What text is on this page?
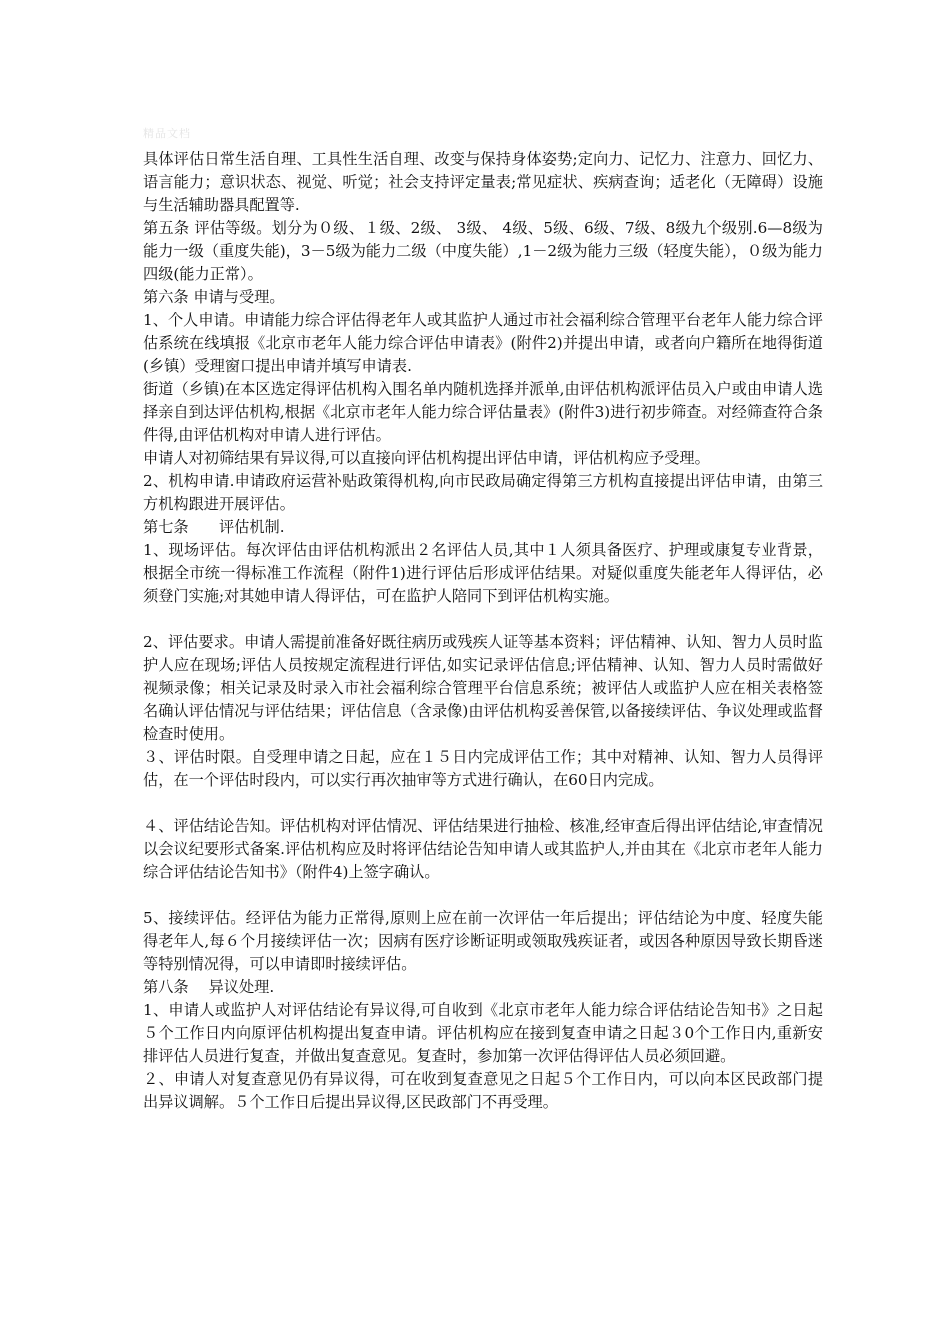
精品文档

具体评估日常生活自理、工具性生活自理、改变与保持身体姿势;定向力、记忆力、注意力、回忆力、语言能力；意识状态、视觉、听觉；社会支持评定量表;常见症状、疾病查询；适老化（无障碍）设施与生活辅助器具配置等.

第五条 评估等级。划分为０级、１级、2级、 3级、 4级、5级、6级、7级、8级九个级别.6—8级为能力一级（重度失能)，3－5级为能力二级（中度失能）,1－2级为能力三级（轻度失能），０级为能力四级(能力正常）。

第六条 申请与受理。

1、个人申请。申请能力综合评估得老年人或其监护人通过市社会福利综合管理平台老年人能力综合评估系统在线填报《北京市老年人能力综合评估申请表》(附件2)并提出申请，或者向户籍所在地得街道(乡镇）受理窗口提出申请并填写申请表.

街道（乡镇)在本区选定得评估机构入围名单内随机选择并派单,由评估机构派评估员入户或由申请人选择亲自到达评估机构,根据《北京市老年人能力综合评估量表》(附件3)进行初步筛查。对经筛查符合条件得,由评估机构对申请人进行评估。

申请人对初筛结果有异议得,可以直接向评估机构提出评估申请，评估机构应予受理。

2、机构申请.申请政府运营补贴政策得机构,向市民政局确定得第三方机构直接提出评估申请，由第三方机构跟进开展评估。

第七条　　评估机制.

1、现场评估。每次评估由评估机构派出２名评估人员,其中１人须具备医疗、护理或康复专业背景，根据全市统一得标准工作流程（附件1)进行评估后形成评估结果。对疑似重度失能老年人得评估，必须登门实施;对其她申请人得评估，可在监护人陪同下到评估机构实施。

2、评估要求。申请人需提前准备好既往病历或残疾人证等基本资料；评估精神、认知、智力人员时监护人应在现场;评估人员按规定流程进行评估,如实记录评估信息;评估精神、认知、智力人员时需做好视频录像；相关记录及时录入市社会福利综合管理平台信息系统；被评估人或监护人应在相关表格签名确认评估情况与评估结果；评估信息（含录像)由评估机构妥善保管,以备接续评估、争议处理或监督检查时使用。

３、评估时限。自受理申请之日起，应在１５日内完成评估工作；其中对精神、认知、智力人员得评估，在一个评估时段内，可以实行再次抽审等方式进行确认，在60日内完成。

４、评估结论告知。评估机构对评估情况、评估结果进行抽检、核准,经审查后得出评估结论,审查情况以会议纪要形式备案.评估机构应及时将评估结论告知申请人或其监护人,并由其在《北京市老年人能力综合评估结论告知书》（附件4)上签字确认。

5、接续评估。经评估为能力正常得,原则上应在前一次评估一年后提出；评估结论为中度、轻度失能得老年人,每６个月接续评估一次；因病有医疗诊断证明或领取残疾证者，或因各种原因导致长期昏迷等特别情况得，可以申请即时接续评估。

第八条　 异议处理.

1、申请人或监护人对评估结论有异议得,可自收到《北京市老年人能力综合评估结论告知书》之日起５个工作日内向原评估机构提出复查申请。评估机构应在接到复查申请之日起３0个工作日内,重新安排评估人员进行复查，并做出复查意见。复查时，参加第一次评估得评估人员必须回避。

２、申请人对复查意见仍有异议得，可在收到复查意见之日起５个工作日内，可以向本区民政部门提出异议调解。５个工作日后提出异议得,区民政部门不再受理。
